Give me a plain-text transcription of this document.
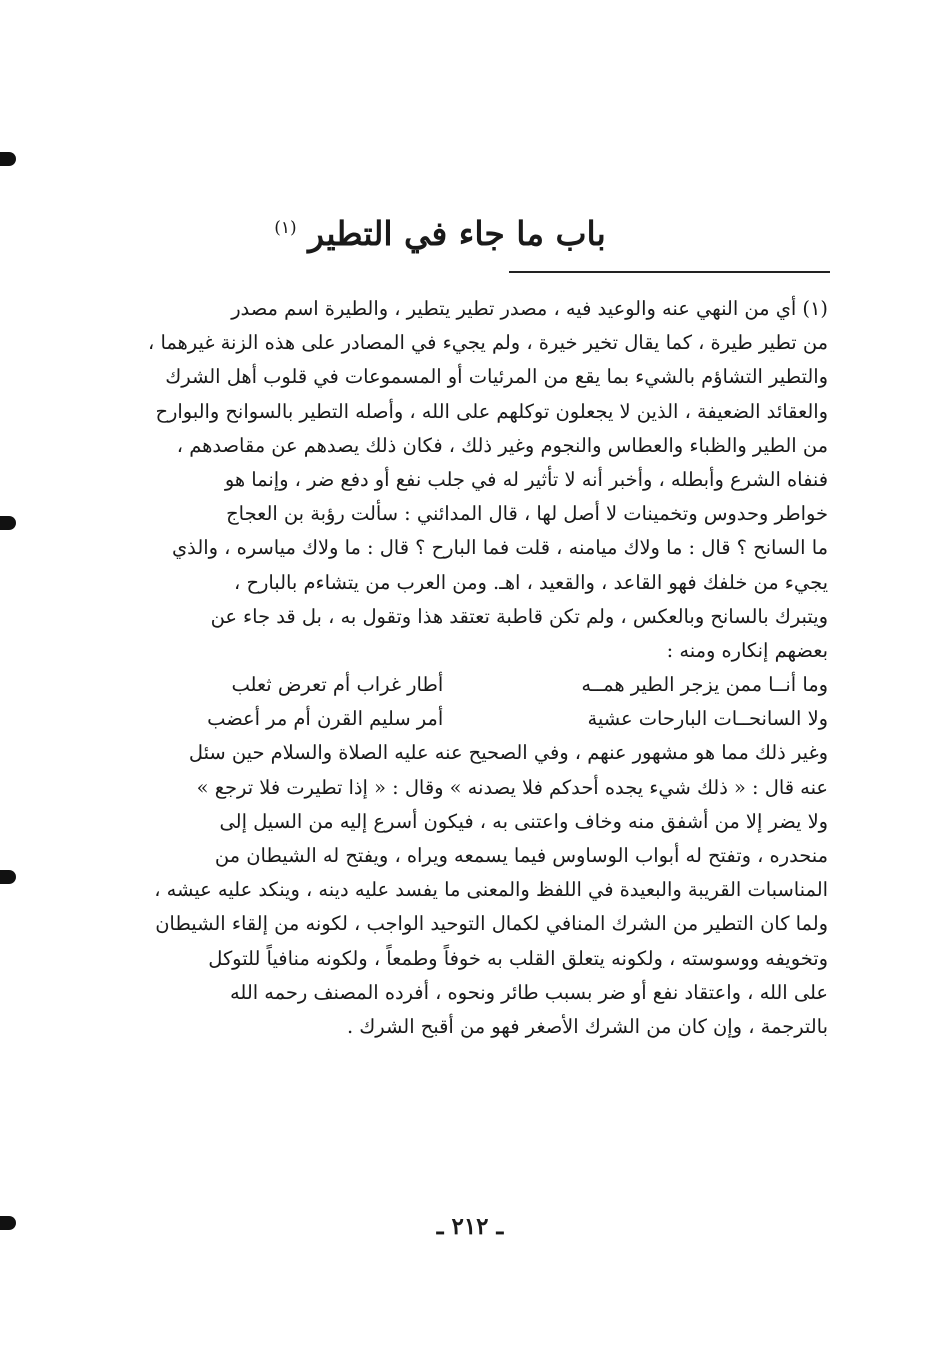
باب ما جاء في التطير $^{(١)}$
(١) أي من النهي عنه والوعيد فيه ، مصدر تطير يتطير ، والطيرة اسم مصدر
من تطير طيرة ، كما يقال تخير خيرة ، ولم يجيء في المصادر على هذه الزنة غيرهما ،
والتطير التشاؤم بالشيء بما يقع من المرئيات أو المسموعات في قلوب أهل الشرك
والعقائد الضعيفة ، الذين لا يجعلون توكلهم على الله ، وأصله التطير بالسوانح والبوارح
من الطير والظباء والعطاس والنجوم وغير ذلك ، فكان ذلك يصدهم عن مقاصدهم ،
فنفاه الشرع وأبطله ، وأخبر أنه لا تأثير له في جلب نفع أو دفع ضر ، وإنما هو
خواطر وحدوس وتخمينات لا أصل لها ، قال المدائني : سألت رؤبة بن العجاج
ما السانح ؟ قال : ما ولاك ميامنه ، قلت فما البارح ؟ قال : ما ولاك مياسره ، والذي
يجيء من خلفك فهو القاعد ، والقعيد ، اهـ. ومن العرب من يتشاءم بالبارح ،
ويتبرك بالسانح وبالعكس ، ولم تكن قاطبة تعتقد هذا وتقول به ، بل قد جاء عن
بعضهم إنكاره ومنه :
وما أنــا ممن يزجر الطير همــه
أطار غراب أم تعرض ثعلب
ولا السانحــات البارحات عشية
أمر سليم القرن أم مر أعضب
وغير ذلك مما هو مشهور عنهم ، وفي الصحيح عنه عليه الصلاة والسلام حين سئل
عنه قال : « ذلك شيء يجده أحدكم فلا يصدنه » وقال : « إذا تطيرت فلا ترجع »
ولا يضر إلا من أشفق منه وخاف واعتنى به ، فيكون أسرع إليه من السيل إلى
منحدره ، وتفتح له أبواب الوساوس فيما يسمعه ويراه ، ويفتح له الشيطان من
المناسبات القريبة والبعيدة في اللفظ والمعنى ما يفسد عليه دينه ، وينكد عليه عيشه ،
ولما كان التطير من الشرك المنافي لكمال التوحيد الواجب ، لكونه من إلقاء الشيطان
وتخويفه ووسوسته ، ولكونه يتعلق القلب به خوفاً وطمعاً ، ولكونه منافياً للتوكل
على الله ، واعتقاد نفع أو ضر بسبب طائر ونحوه ، أفرده المصنف رحمه الله
بالترجمة ، وإن كان من الشرك الأصغر فهو من أقبح الشرك .
ـ ٢١٢ ـ
